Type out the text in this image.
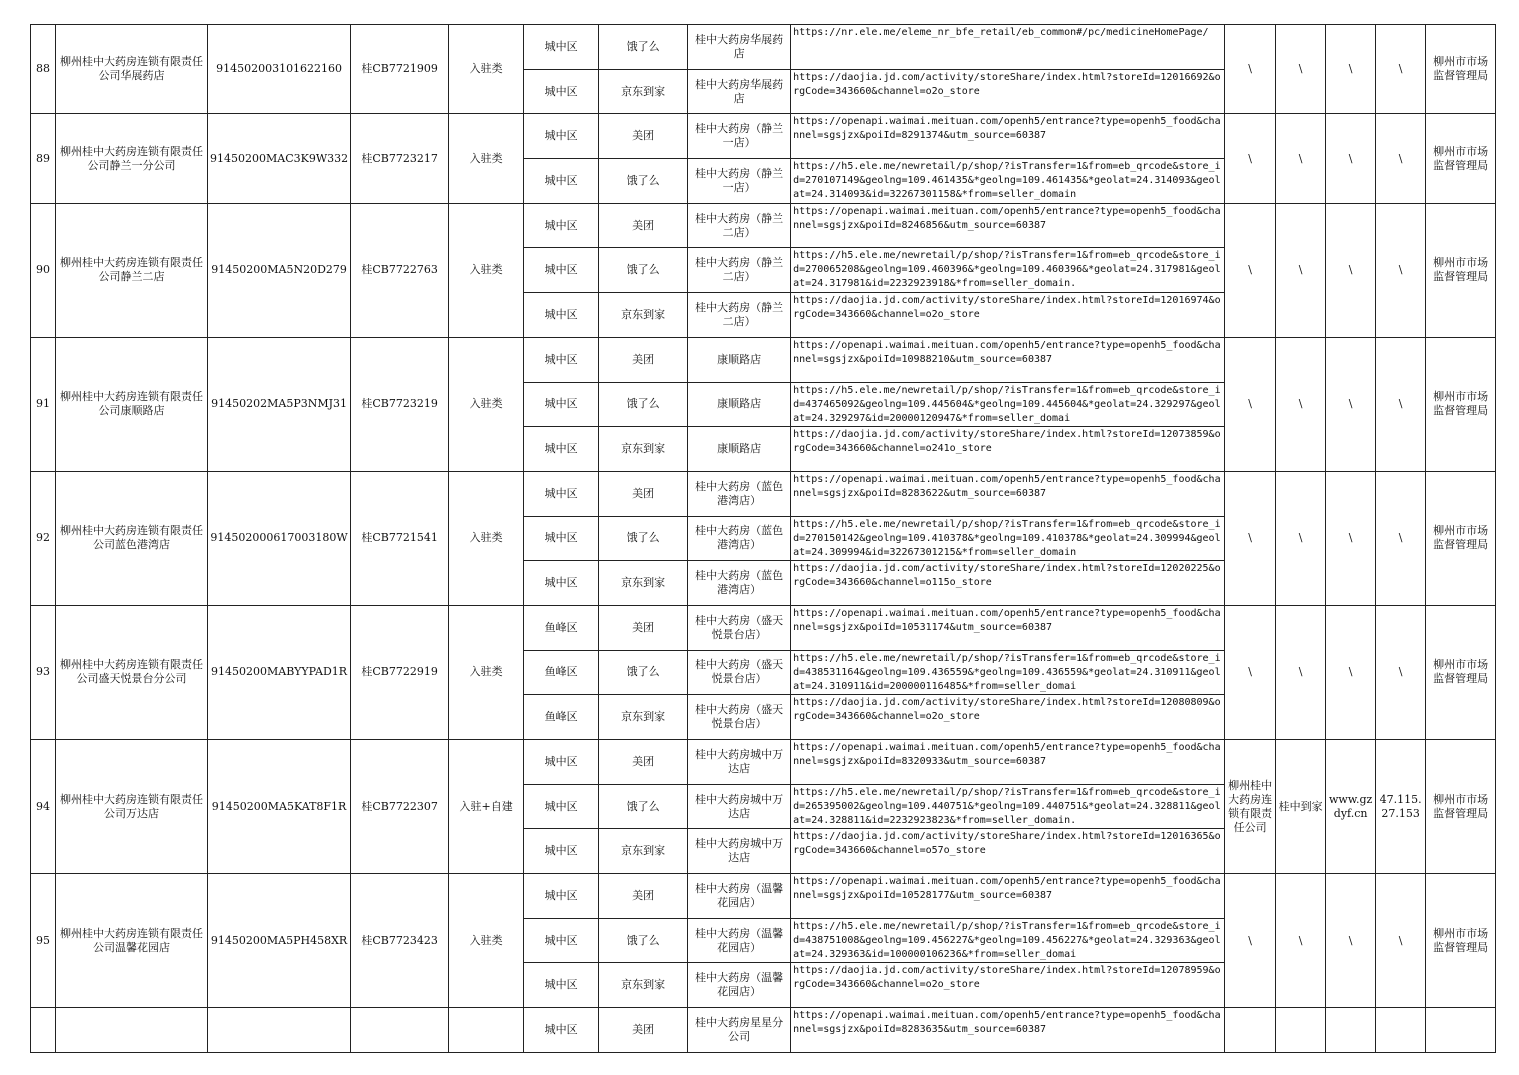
88	柳州桂中大药房连锁有限责任公司华展药店	914502003101622160	桂CB7721909	入驻类	城中区	饿了么	桂中大药房华展药店	https://nr.ele.me/eleme_nr_bfe_retail/eb_common#/pc/medicineHomePage/	\	\	\	\	柳州市市场监督管理局
					城中区	京东到家	桂中大药房华展药店	https://daojia.jd.com/activity/storeShare/index.html?storeId=12016692&orgCode=343660&channel=o2o_store					

89	柳州桂中大药房连锁有限责任公司静兰一分公司	91450200MAC3K9W332	桂CB7723217	入驻类	城中区	美团	桂中大药房（静兰一店）	https://openapi.waimai.meituan.com/openh5/entrance?type=openh5_food&channel=sgsjzx&poiId=8291374&utm_source=60387	\	\	\	\	柳州市市场监督管理局
					城中区	饿了么	桂中大药房（静兰一店）	https://h5.ele.me/newretail/p/shop/?isTransfer=1&from=eb_qrcode&store_id=270107149&geolng=109.461435&*geolng=109.461435&*geolat=24.314093&geolat=24.314093&id=32267301158&*from=seller_domain					

90	柳州桂中大药房连锁有限责任公司静兰二店	91450200MA5N20D279	桂CB7722763	入驻类	城中区	美团	桂中大药房（静兰二店）	https://openapi.waimai.meituan.com/openh5/entrance?type=openh5_food&channel=sgsjzx&poiId=8246856&utm_source=60387	\	\	\	\	柳州市市场监督管理局
					城中区	饿了么	桂中大药房（静兰二店）	https://h5.ele.me/newretail/p/shop/?isTransfer=1&from=eb_qrcode&store_id=270065208&geolng=109.460396&*geolng=109.460396&*geolat=24.317981&geolat=24.317981&id=2232923918&*from=seller_domain.					

					城中区	京东到家	桂中大药房（静兰二店）	https://daojia.jd.com/activity/storeShare/index.html?storeId=12016974&orgCode=343660&channel=o2o_store					

91	柳州桂中大药房连锁有限责任公司康顺路店	91450202MA5P3NMJ31	桂CB7723219	入驻类	城中区	美团	康顺路店	https://openapi.waimai.meituan.com/openh5/entrance?type=openh5_food&channel=sgsjzx&poiId=10988210&utm_source=60387	\	\	\	\	柳州市市场监督管理局
					城中区	饿了么	康顺路店	https://h5.ele.me/newretail/p/shop/?isTransfer=1&from=eb_qrcode&store_id=437465092&geolng=109.445604&*geolng=109.445604&*geolat=24.329297&geolat=24.329297&id=20000120947&*from=seller_domai					

					城中区	京东到家	康顺路店	https://daojia.jd.com/activity/storeShare/index.html?storeId=12073859&orgCode=343660&channel=o241o_store					

92	柳州桂中大药房连锁有限责任公司蓝色港湾店	914502000617003180W	桂CB7721541	入驻类	城中区	美团	桂中大药房（蓝色港湾店）	https://openapi.waimai.meituan.com/openh5/entrance?type=openh5_food&channel=sgsjzx&poiId=8283622&utm_source=60387	\	\	\	\	柳州市市场监督管理局
					城中区	饿了么	桂中大药房（蓝色港湾店）	https://h5.ele.me/newretail/p/shop/?isTransfer=1&from=eb_qrcode&store_id=270150142&geolng=109.410378&*geolng=109.410378&*geolat=24.309994&geolat=24.309994&id=32267301215&*from=seller_domain					

					城中区	京东到家	桂中大药房（蓝色港湾店）	https://daojia.jd.com/activity/storeShare/index.html?storeId=12020225&orgCode=343660&channel=o115o_store					

93	柳州桂中大药房连锁有限责任公司盛天悦景台分公司	91450200MABYYPAD1R	桂CB7722919	入驻类	鱼峰区	美团	桂中大药房（盛天悦景台店）	https://openapi.waimai.meituan.com/openh5/entrance?type=openh5_food&channel=sgsjzx&poiId=10531174&utm_source=60387	\	\	\	\	柳州市市场监督管理局
					鱼峰区	饿了么	桂中大药房（盛天悦景台店）	https://h5.ele.me/newretail/p/shop/?isTransfer=1&from=eb_qrcode&store_id=438531164&geolng=109.436559&*geolng=109.436559&*geolat=24.310911&geolat=24.310911&id=200000116485&*from=seller_domai					

					鱼峰区	京东到家	桂中大药房（盛天悦景台店）	https://daojia.jd.com/activity/storeShare/index.html?storeId=12080809&orgCode=343660&channel=o2o_store					

94	柳州桂中大药房连锁有限责任公司万达店	91450200MA5KAT8F1R	桂CB7722307	入驻+自建	城中区	美团	桂中大药房城中万达店	https://openapi.waimai.meituan.com/openh5/entrance?type=openh5_food&channel=sgsjzx&poiId=8320933&utm_source=60387	柳州桂中大药房连锁有限责任公司	桂中到家	www.gzdyf.cn	47.115.27.153	柳州市市场监督管理局
					城中区	饿了么	桂中大药房城中万达店	https://h5.ele.me/newretail/p/shop/?isTransfer=1&from=eb_qrcode&store_id=265395002&geolng=109.440751&*geolng=109.440751&*geolat=24.328811&geolat=24.328811&id=2232923823&*from=seller_domain.					

					城中区	京东到家	桂中大药房城中万达店	https://daojia.jd.com/activity/storeShare/index.html?storeId=12016365&orgCode=343660&channel=o57o_store					

95	柳州桂中大药房连锁有限责任公司温馨花园店	91450200MA5PH458XR	桂CB7723423	入驻类	城中区	美团	桂中大药房（温馨花园店）	https://openapi.waimai.meituan.com/openh5/entrance?type=openh5_food&channel=sgsjzx&poiId=10528177&utm_source=60387	\	\	\	\	柳州市市场监督管理局
					城中区	饿了么	桂中大药房（温馨花园店）	https://h5.ele.me/newretail/p/shop/?isTransfer=1&from=eb_qrcode&store_id=438751008&geolng=109.456227&*geolng=109.456227&*geolat=24.329363&geolat=24.329363&id=100000106236&*from=seller_domai					

					城中区	京东到家	桂中大药房（温馨花园店）	https://daojia.jd.com/activity/storeShare/index.html?storeId=12078959&orgCode=343660&channel=o2o_store					

					城中区	美团	桂中大药房星星分公司	https://openapi.waimai.meituan.com/openh5/entrance?type=openh5_food&channel=sgsjzx&poiId=8283635&utm_source=60387					
